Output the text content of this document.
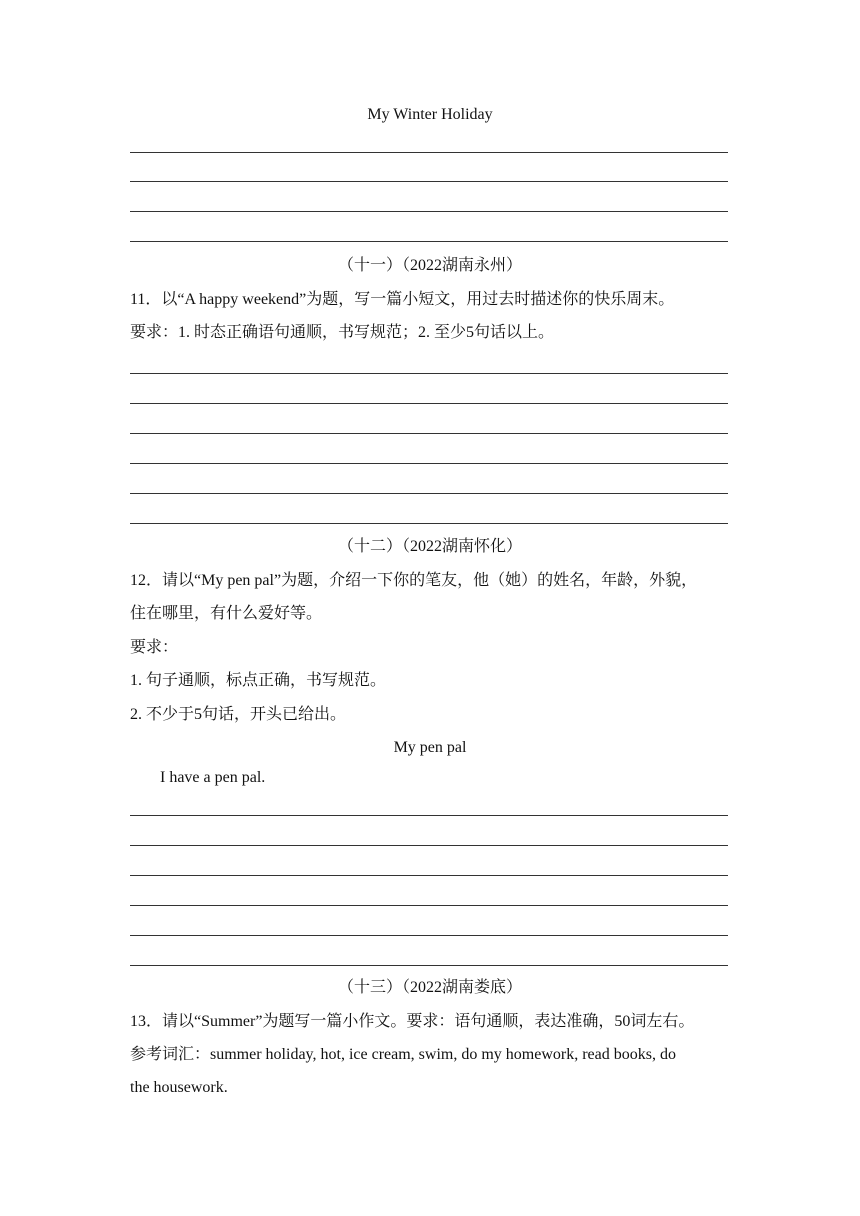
My Winter Holiday
（十一）（2022湖南永州）
11．以“A happy weekend”为题，写一篇小短文，用过去时描述你的快乐周末。
要求：1. 时态正确语句通顺，书写规范；2. 至少5句话以上。
（十二）（2022湖南怀化）
12．请以“My pen pal”为题，介绍一下你的笔友，他（她）的姓名，年龄，外貌，
住在哪里，有什么爱好等。
要求：
1. 句子通顺，标点正确，书写规范。
2. 不少于5句话，开头已给出。
My pen pal
I have a pen pal.
（十三）（2022湖南娄底）
13．请以“Summer”为题写一篇小作文。要求：语句通顺，表达准确，50词左右。
参考词汇：summer holiday, hot, ice cream, swim, do my homework, read books, do
the housework.
